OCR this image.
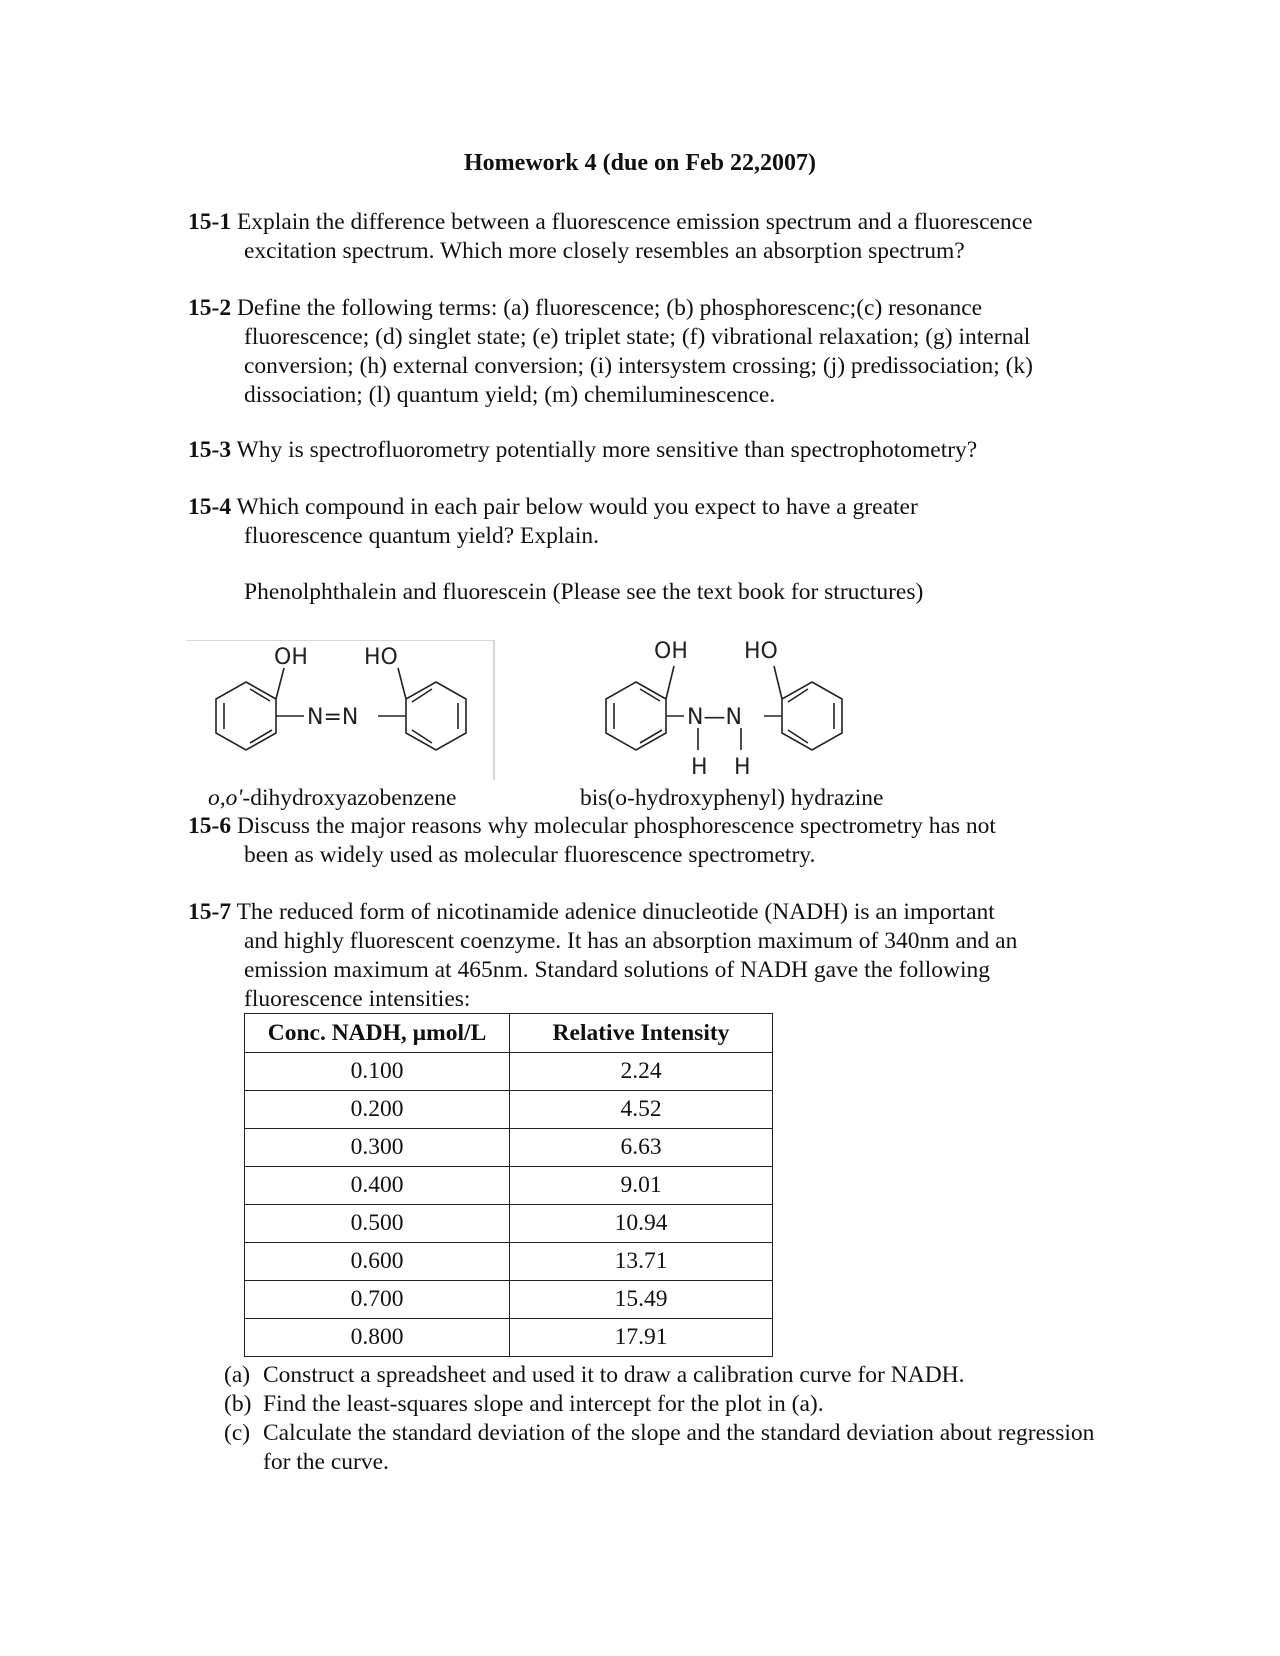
Homework 4 (due on Feb 22,2007)
15-1 Explain the difference between a fluorescence emission spectrum and a fluorescence
excitation spectrum. Which more closely resembles an absorption spectrum?
15-2 Define the following terms: (a) fluorescence; (b) phosphorescenc;(c) resonance
fluorescence; (d) singlet state; (e) triplet state; (f) vibrational relaxation; (g) internal
conversion; (h) external conversion; (i) intersystem crossing; (j) predissociation; (k)
dissociation; (l) quantum yield; (m) chemiluminescence.
15-3 Why is spectrofluorometry potentially more sensitive than spectrophotometry?
15-4 Which compound in each pair below would you expect to have a greater
fluorescence quantum yield? Explain.
Phenolphthalein and fluorescein (Please see the text book for structures)
OH	HO
N=N
OH	HO
N—N
H H
o,o'-dihydroxyazobenzene	bis(o-hydroxyphenyl) hydrazine
15-6 Discuss the major reasons why molecular phosphorescence spectrometry has not
been as widely used as molecular fluorescence spectrometry.
15-7 The reduced form of nicotinamide adenice dinucleotide (NADH) is an important
and highly fluorescent coenzyme. It has an absorption maximum of 340nm and an
emission maximum at 465nm. Standard solutions of NADH gave the following
fluorescence intensities:
Conc. NADH, µmol/L	Relative Intensity
0.100	2.24
0.200	4.52
0.300	6.63
0.400	9.01
0.500	10.94
0.600	13.71
0.700	15.49
0.800	17.91
(a) Construct a spreadsheet and used it to draw a calibration curve for NADH.
(b) Find the least-squares slope and intercept for the plot in (a).
(c) Calculate the standard deviation of the slope and the standard deviation about regression for the curve.
